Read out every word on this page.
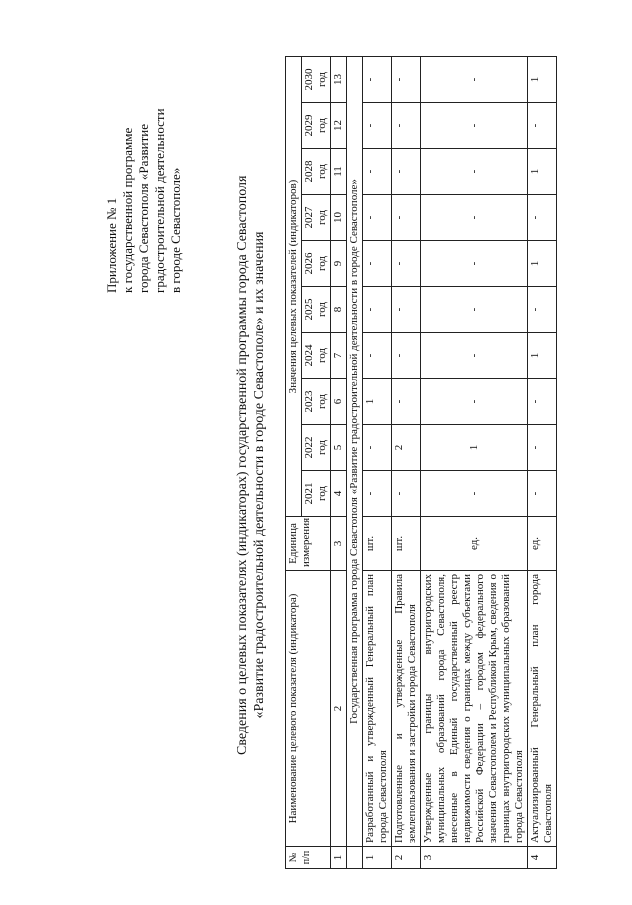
Приложение № 1 к государственной программе города Севастополя «Развитие градостроительной деятельности в городе Севастополе»	Сведения о целевых показателях (индикаторах) государственной программы города Севастополя «Развитие градостроительной деятельности в городе Севастополе» и их значения
№ п/п	Наименование целевого показателя (индикатора)	Единица измерения	Значения целевых показателей (индикаторов)									
			2021 год	2022 год	2023 год	2024 год	2025 год	2026 год	2027 год	2028 год	2029 год	2030 год
1	2	3	4	5	6	7	8	9	10	11	12	13
	Государственная программа города Севастополя «Развитие градостроительной деятельности в городе Севастополе»											
1	Разработанный и утвержденный Генеральный план города Севастополя	шт.	-	-	1	-	-	-	-	-	-	-
2	Подготовленные и утвержденные Правила землепользования и застройки города Севастополя	шт.	-	2	-	-	-	-	-	-	-	-
3	Утвержденные границы внутригородских муниципальных образований города Севастополя, внесенные в Единый государственный реестр недвижимости сведения о границах между субъектами Российской Федерации – городом федерального значения Севастополем и Республикой Крым, сведения о границах внутригородских муниципальных образований города Севастополя	ед.	-	1	-	-	-	-	-	-	-	-
4	Актуализированный Генеральный план города Севастополя	ед.	-	-	-	1	-	1	-	1	-	1
